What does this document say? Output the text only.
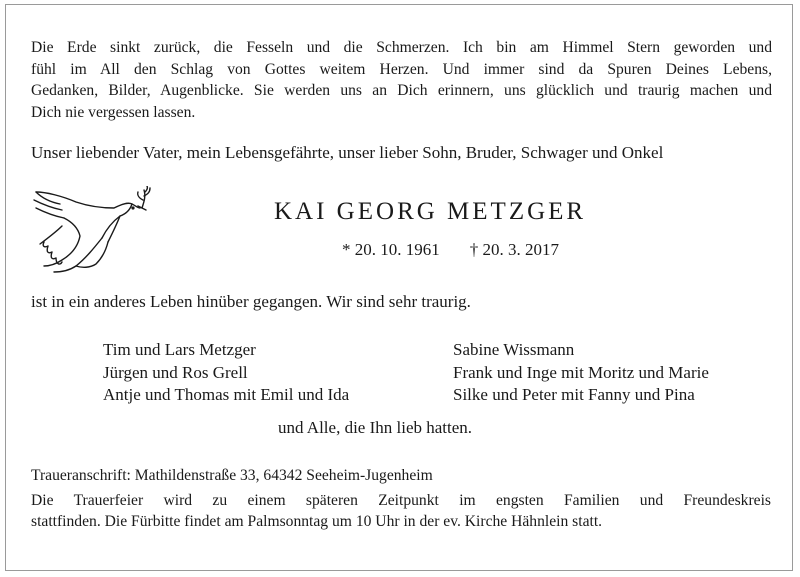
Die Erde sinkt zurück, die Fesseln und die Schmerzen. Ich bin am Himmel Stern geworden und
fühl im All den Schlag von Gottes weitem Herzen. Und immer sind da Spuren Deines Lebens,
Gedanken, Bilder, Augenblicke. Sie werden uns an Dich erinnern, uns glücklich und traurig machen und
Dich nie vergessen lassen.
Unser liebender Vater, mein Lebensgefährte, unser lieber Sohn, Bruder, Schwager und Onkel
KAI GEORG METZGER
* 20. 10. 1961 † 20. 3. 2017
ist in ein anderes Leben hinüber gegangen. Wir sind sehr traurig.
Tim und Lars Metzger
Jürgen und Ros Grell
Antje und Thomas mit Emil und Ida
Sabine Wissmann
Frank und Inge mit Moritz und Marie
Silke und Peter mit Fanny und Pina
und Alle, die Ihn lieb hatten.
Traueranschrift: Mathildenstraße 33, 64342 Seeheim-Jugenheim
Die Trauerfeier wird zu einem späteren Zeitpunkt im engsten Familien und Freundeskreis
stattfinden. Die Fürbitte findet am Palmsonntag um 10 Uhr in der ev. Kirche Hähnlein statt.
